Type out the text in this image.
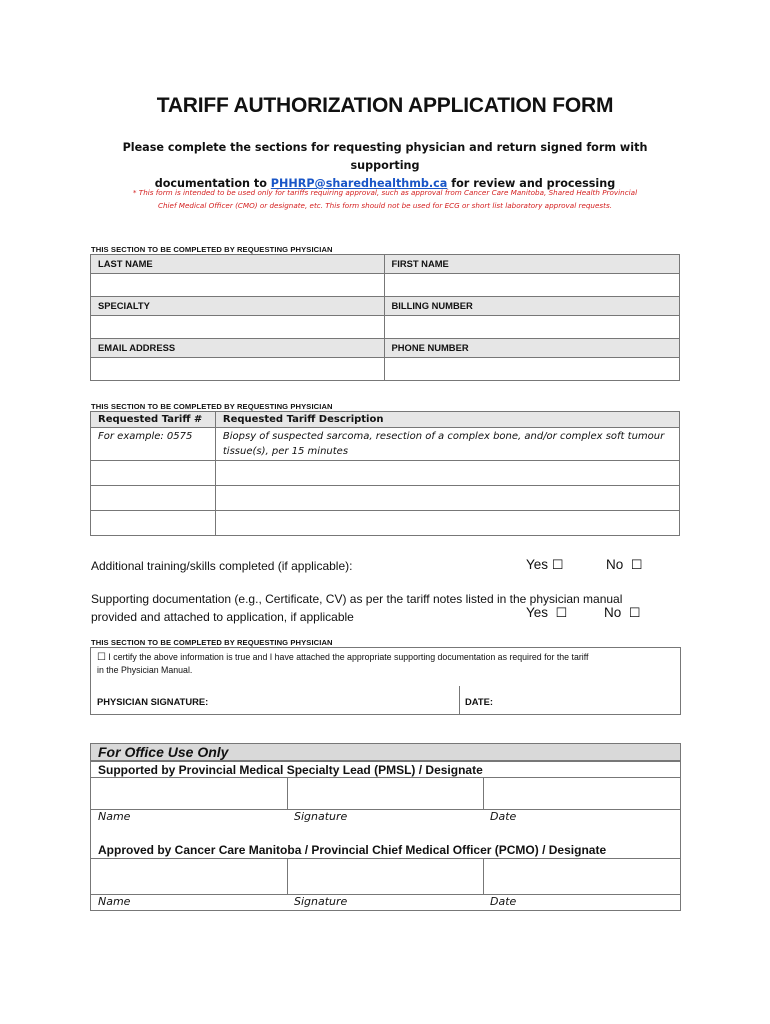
TARIFF AUTHORIZATION APPLICATION FORM
Please complete the sections for requesting physician and return signed form with supporting
documentation to PHHRP@sharedhealthmb.ca for review and processing
* This form is intended to be used only for tariffs requiring approval, such as approval from Cancer Care Manitoba, Shared Health Provincial
Chief Medical Officer (CMO) or designate, etc. This form should not be used for ECG or short list laboratory approval requests.
THIS SECTION TO BE COMPLETED BY REQUESTING PHYSICIAN
LAST NAME	FIRST NAME

SPECIALTY	BILLING NUMBER

EMAIL ADDRESS	PHONE NUMBER

THIS SECTION TO BE COMPLETED BY REQUESTING PHYSICIAN
Requested Tariff #	Requested Tariff Description
For example: 0575	Biopsy of suspected sarcoma, resection of a complex bone, and/or complex soft tumour
tissue(s), per 15 minutes

Additional training/skills completed (if applicable):	Yes ☐	No ☐
Supporting documentation (e.g., Certificate, CV) as per the tariff notes listed in the physician manual
provided and attached to application, if applicable	Yes ☐	No ☐
THIS SECTION TO BE COMPLETED BY REQUESTING PHYSICIAN
☐ I certify the above information is true and I have attached the appropriate supporting documentation as required for the tariff
in the Physician Manual.
PHYSICIAN SIGNATURE:	DATE:
For Office Use Only
Supported by Provincial Medical Specialty Lead (PMSL) / Designate
Name	Signature	Date
Approved by Cancer Care Manitoba / Provincial Chief Medical Officer (PCMO) / Designate
Name	Signature	Date
